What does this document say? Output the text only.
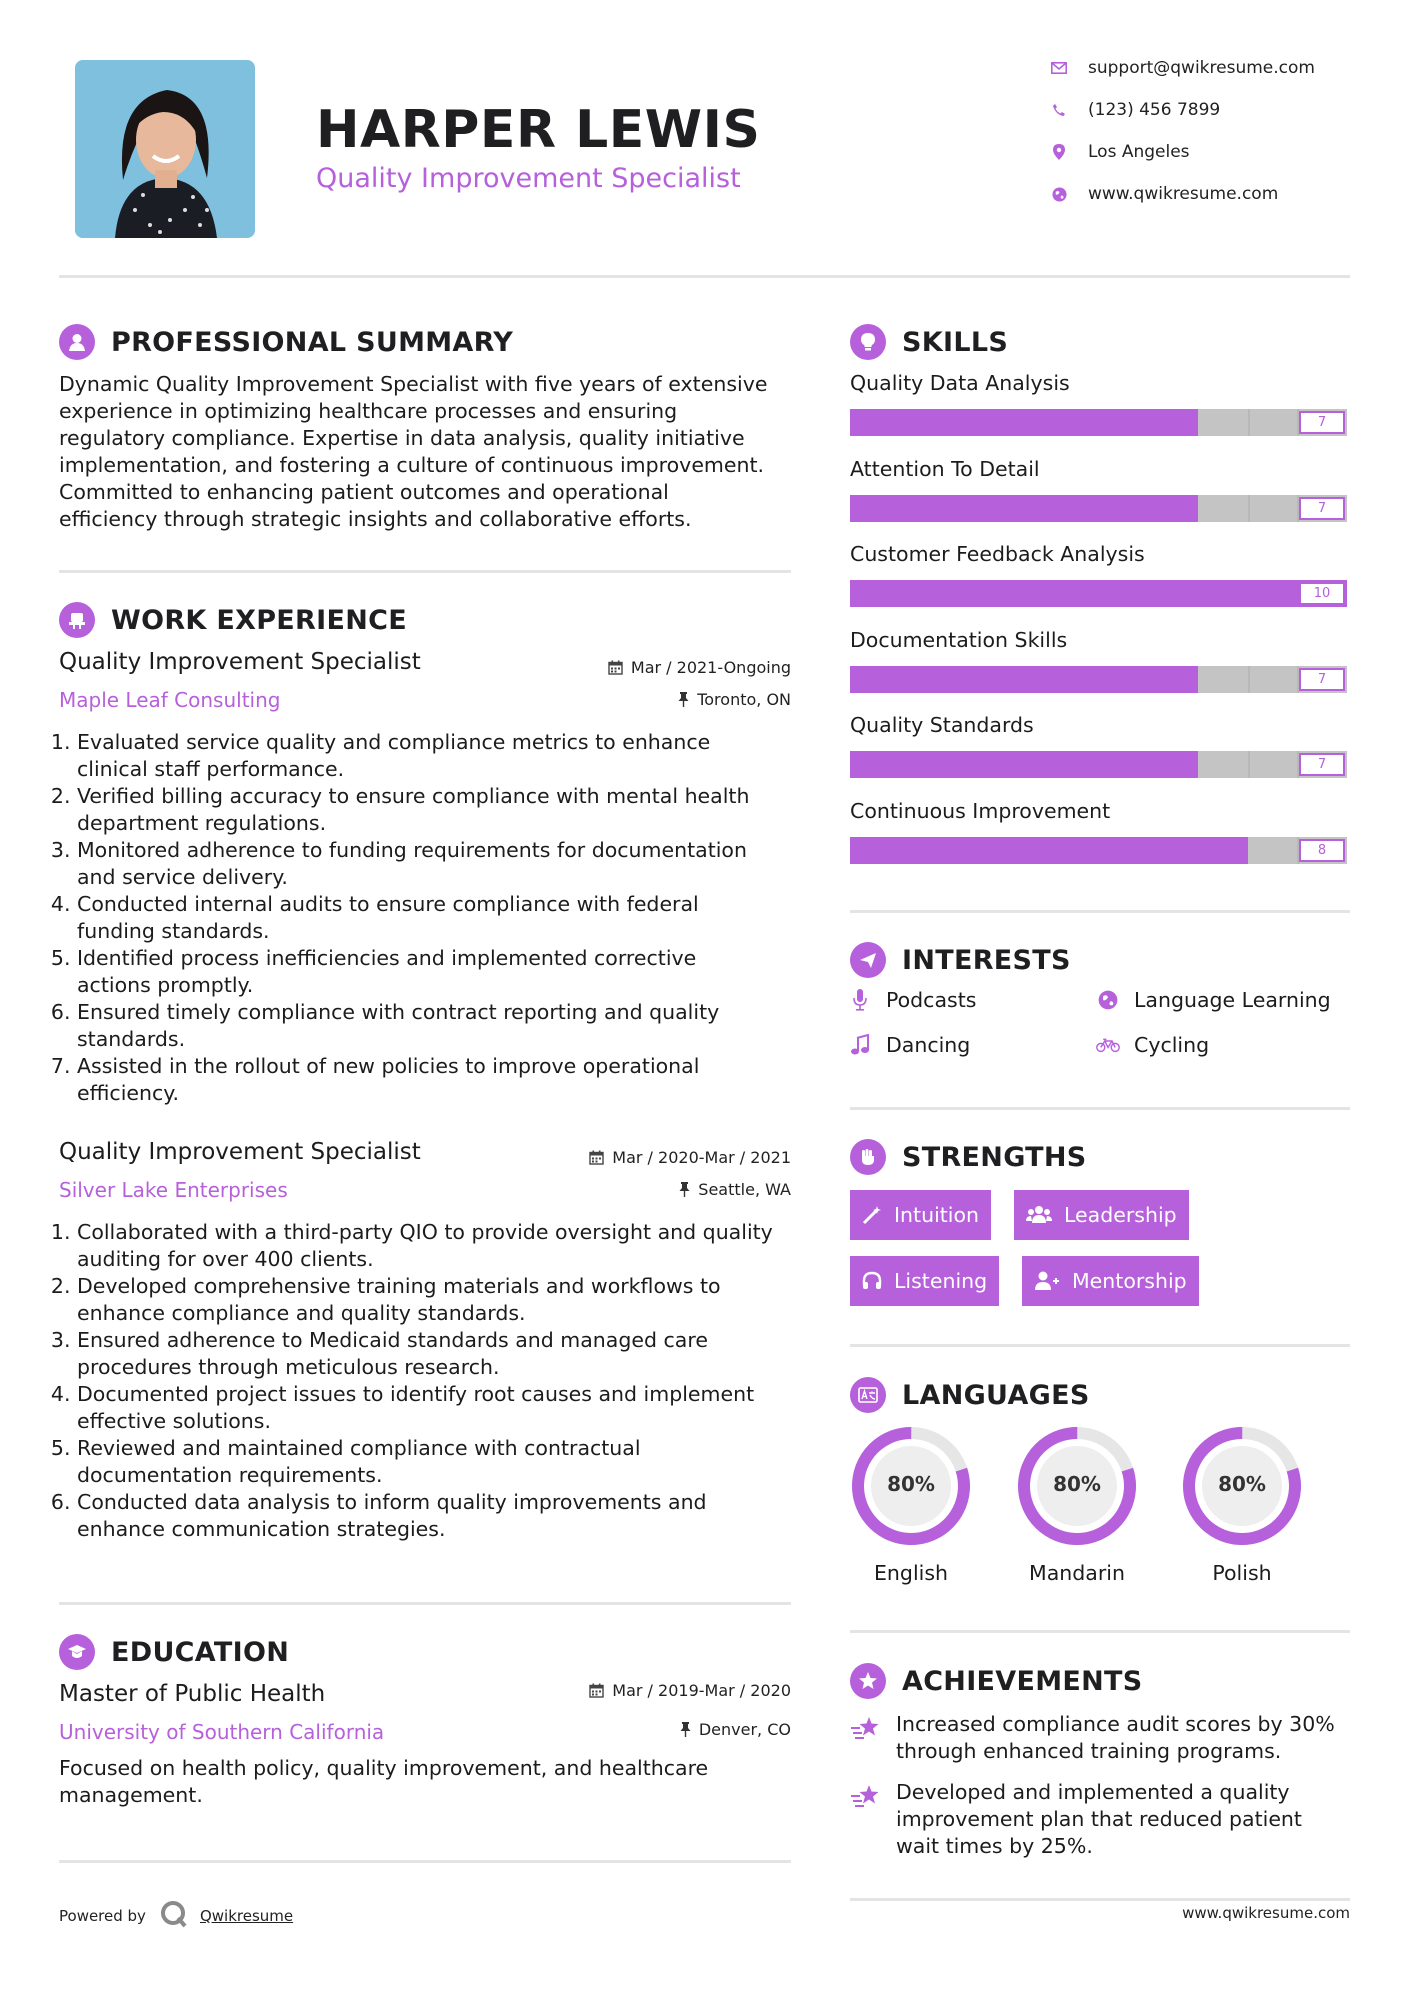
HARPER LEWIS
Quality Improvement Specialist
support@qwikresume.com
(123) 456 7899
Los Angeles
www.qwikresume.com
PROFESSIONAL SUMMARY
Dynamic Quality Improvement Specialist with five years of extensive
experience in optimizing healthcare processes and ensuring
regulatory compliance. Expertise in data analysis, quality initiative
implementation, and fostering a culture of continuous improvement.
Committed to enhancing patient outcomes and operational
efficiency through strategic insights and collaborative efforts.
WORK EXPERIENCE
Quality Improvement Specialist
Maple Leaf Consulting
Mar / 2021-Ongoing
Toronto, ON
1. Evaluated service quality and compliance metrics to enhance
clinical staff performance.
2. Verified billing accuracy to ensure compliance with mental health
department regulations.
3. Monitored adherence to funding requirements for documentation
and service delivery.
4. Conducted internal audits to ensure compliance with federal
funding standards.
5. Identified process inefficiencies and implemented corrective
actions promptly.
6. Ensured timely compliance with contract reporting and quality
standards.
7. Assisted in the rollout of new policies to improve operational
efficiency.
Quality Improvement Specialist
Silver Lake Enterprises
Mar / 2020-Mar / 2021
Seattle, WA
1. Collaborated with a third-party QIO to provide oversight and quality
auditing for over 400 clients.
2. Developed comprehensive training materials and workflows to
enhance compliance and quality standards.
3. Ensured adherence to Medicaid standards and managed care
procedures through meticulous research.
4. Documented project issues to identify root causes and implement
effective solutions.
5. Reviewed and maintained compliance with contractual
documentation requirements.
6. Conducted data analysis to inform quality improvements and
enhance communication strategies.
EDUCATION
Master of Public Health
University of Southern California
Mar / 2019-Mar / 2020
Denver, CO
Focused on health policy, quality improvement, and healthcare
management.
Powered by	Qwikresume	www.qwikresume.com
SKILLS
Quality Data Analysis
7
Attention To Detail
7
Customer Feedback Analysis
10
Documentation Skills
7
Quality Standards
7
Continuous Improvement
8
INTERESTS
Podcasts	Language Learning
Dancing	Cycling
STRENGTHS
Intuition	Leadership
Listening	Mentorship
LANGUAGES
80%
English
80%
Mandarin
80%
Polish
ACHIEVEMENTS
Increased compliance audit scores by 30%
through enhanced training programs.
Developed and implemented a quality
improvement plan that reduced patient
wait times by 25%.
